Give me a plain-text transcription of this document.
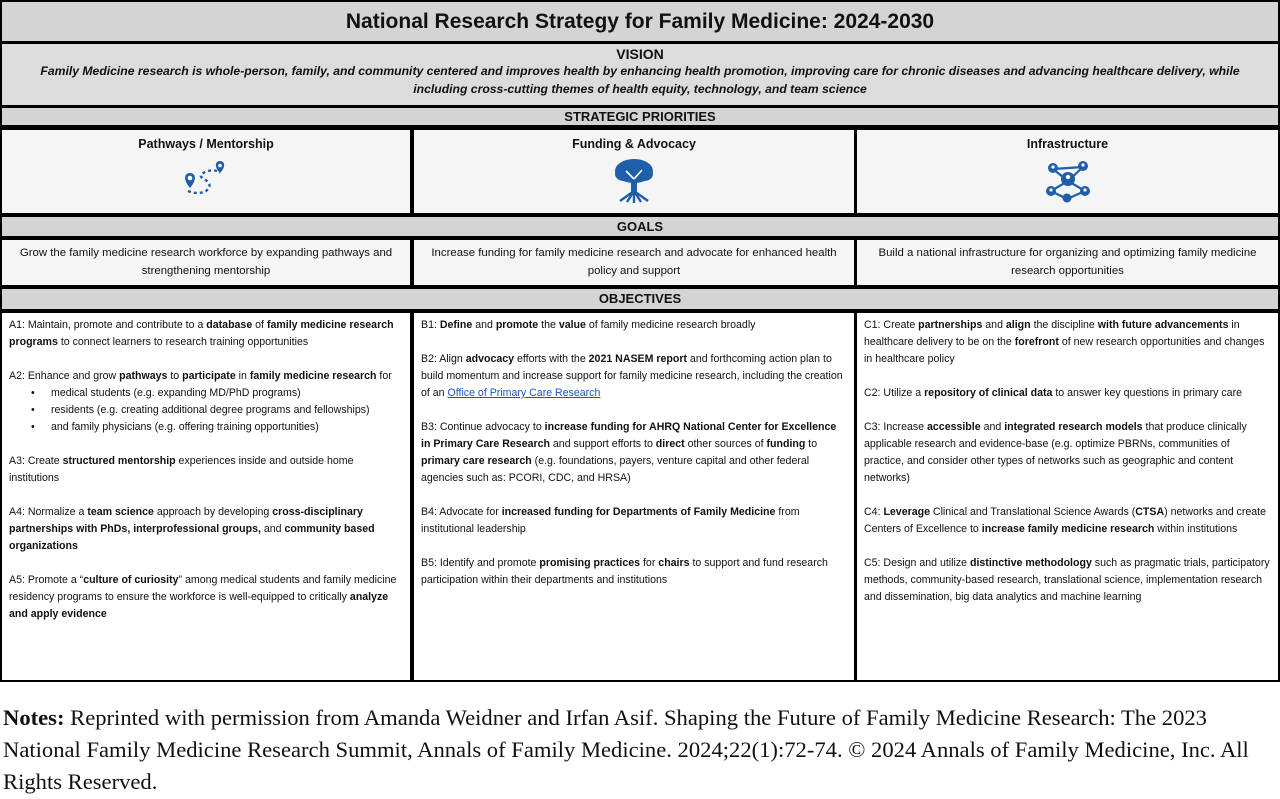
National Research Strategy for Family Medicine: 2024-2030
VISION
Family Medicine research is whole-person, family, and community centered and improves health by enhancing health promotion, improving care for chronic diseases and advancing healthcare delivery, while including cross-cutting themes of health equity, technology, and team science
STRATEGIC PRIORITIES
Pathways / Mentorship	Funding & Advocacy	Infrastructure
GOALS
Grow the family medicine research workforce by expanding pathways and strengthening mentorship
Increase funding for family medicine research and advocate for enhanced health policy and support
Build a national infrastructure for organizing and optimizing family medicine research opportunities
OBJECTIVES

A1: Maintain, promote and contribute to a database of family medicine research programs to connect learners to research training opportunities

A2: Enhance and grow pathways to participate in family medicine research for

• medical students (e.g. expanding MD/PhD programs)
• residents (e.g. creating additional degree programs and fellowships)
• and family physicians (e.g. offering training opportunities)

A3: Create structured mentorship experiences inside and outside home institutions

A4: Normalize a team science approach by developing cross-disciplinary partnerships with PhDs, interprofessional groups, and community based organizations

A5: Promote a “culture of curiosity” among medical students and family medicine residency programs to ensure the workforce is well-equipped to critically analyze and apply evidence

B1: Define and promote the value of family medicine research broadly

B2: Align advocacy efforts with the 2021 NASEM report and forthcoming action plan to build momentum and increase support for family medicine research, including the creation of an Office of Primary Care Research

B3: Continue advocacy to increase funding for AHRQ National Center for Excellence in Primary Care Research and support efforts to direct other sources of funding to primary care research (e.g. foundations, payers, venture capital and other federal agencies such as: PCORI, CDC, and HRSA)

B4: Advocate for increased funding for Departments of Family Medicine from institutional leadership

B5: Identify and promote promising practices for chairs to support and fund research participation within their departments and institutions

C1: Create partnerships and align the discipline with future advancements in healthcare delivery to be on the forefront of new research opportunities and changes in healthcare policy

C2: Utilize a repository of clinical data to answer key questions in primary care

C3: Increase accessible and integrated research models that produce clinically applicable research and evidence-base (e.g. optimize PBRNs, communities of practice, and consider other types of networks such as geographic and content networks)

C4: Leverage Clinical and Translational Science Awards (CTSA) networks and create Centers of Excellence to increase family medicine research within institutions

C5: Design and utilize distinctive methodology such as pragmatic trials, participatory methods, community-based research, translational science, implementation research and dissemination, big data analytics and machine learning

Notes: Reprinted with permission from Amanda Weidner and Irfan Asif. Shaping the Future of Family Medicine Research: The 2023 National Family Medicine Research Summit, Annals of Family Medicine. 2024;22(1):72-74. © 2024 Annals of Family Medicine, Inc. All Rights Reserved.
